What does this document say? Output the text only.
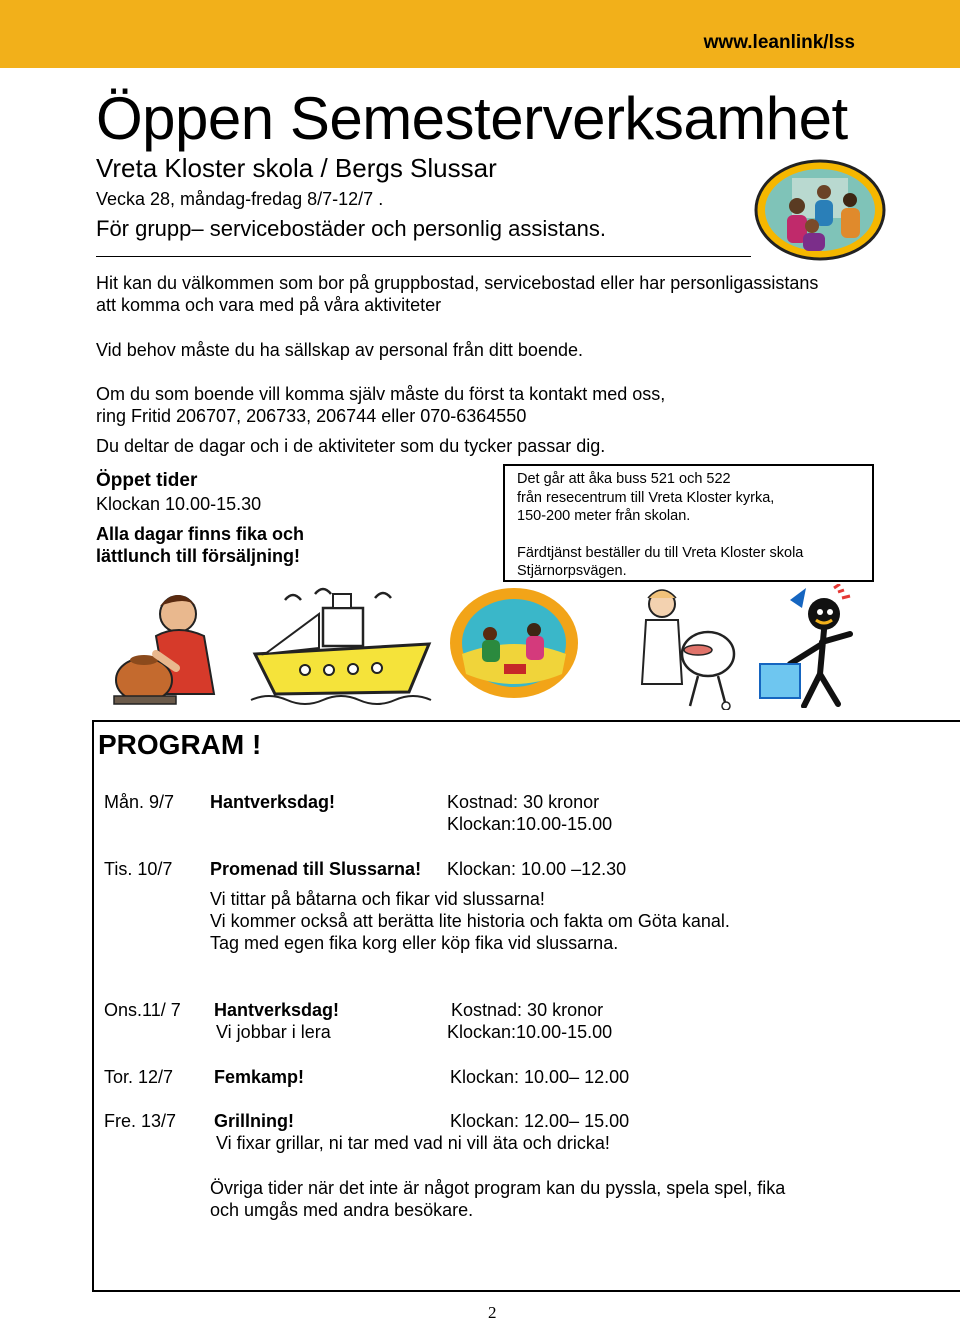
www.leanlink/lss
Öppen Semesterverksamhet
Vreta Kloster skola / Bergs Slussar
Vecka 28, måndag-fredag 8/7-12/7 .
För grupp– servicebostäder och personlig assistans.
Hit kan du välkommen som bor på gruppbostad, servicebostad eller har personligassistans
att komma och vara med på våra aktiviteter
Vid behov måste du ha sällskap av personal från ditt boende.
Om du som boende vill komma själv måste du först ta kontakt med oss,
ring Fritid 206707, 206733, 206744 eller 070-6364550
Du deltar de dagar och i de aktiviteter som du tycker passar dig.
Öppet tider
Klockan 10.00-15.30
Alla dagar finns fika och
lättlunch till försäljning!

Det går att åka buss 521 och 522

från resecentrum till Vreta Kloster kyrka,

150-200 meter från skolan.

Färdtjänst beställer du till Vreta Kloster skola

Stjärnorpsvägen.

PROGRAM !
Mån. 9/7 Hantverksdag!	Kostnad: 30 kronor
Klockan:10.00-15.00
Tis. 10/7 Promenad till Slussarna! Klockan: 10.00 –12.30
Vi tittar på båtarna och fikar vid slussarna!
Vi kommer också att berätta lite historia och fakta om Göta kanal.
Tag med egen fika korg eller köp fika vid slussarna.
Ons.11/ 7 Hantverksdag!	Kostnad: 30 kronor
Vi jobbar i lera	Klockan:10.00-15.00
Tor. 12/7 Femkamp!	Klockan: 10.00– 12.00
Fre. 13/7 Grillning!	Klockan: 12.00– 15.00
Vi fixar grillar, ni tar med vad ni vill äta och dricka!
Övriga tider när det inte är något program kan du pyssla, spela spel, fika
och umgås med andra besökare.
2
